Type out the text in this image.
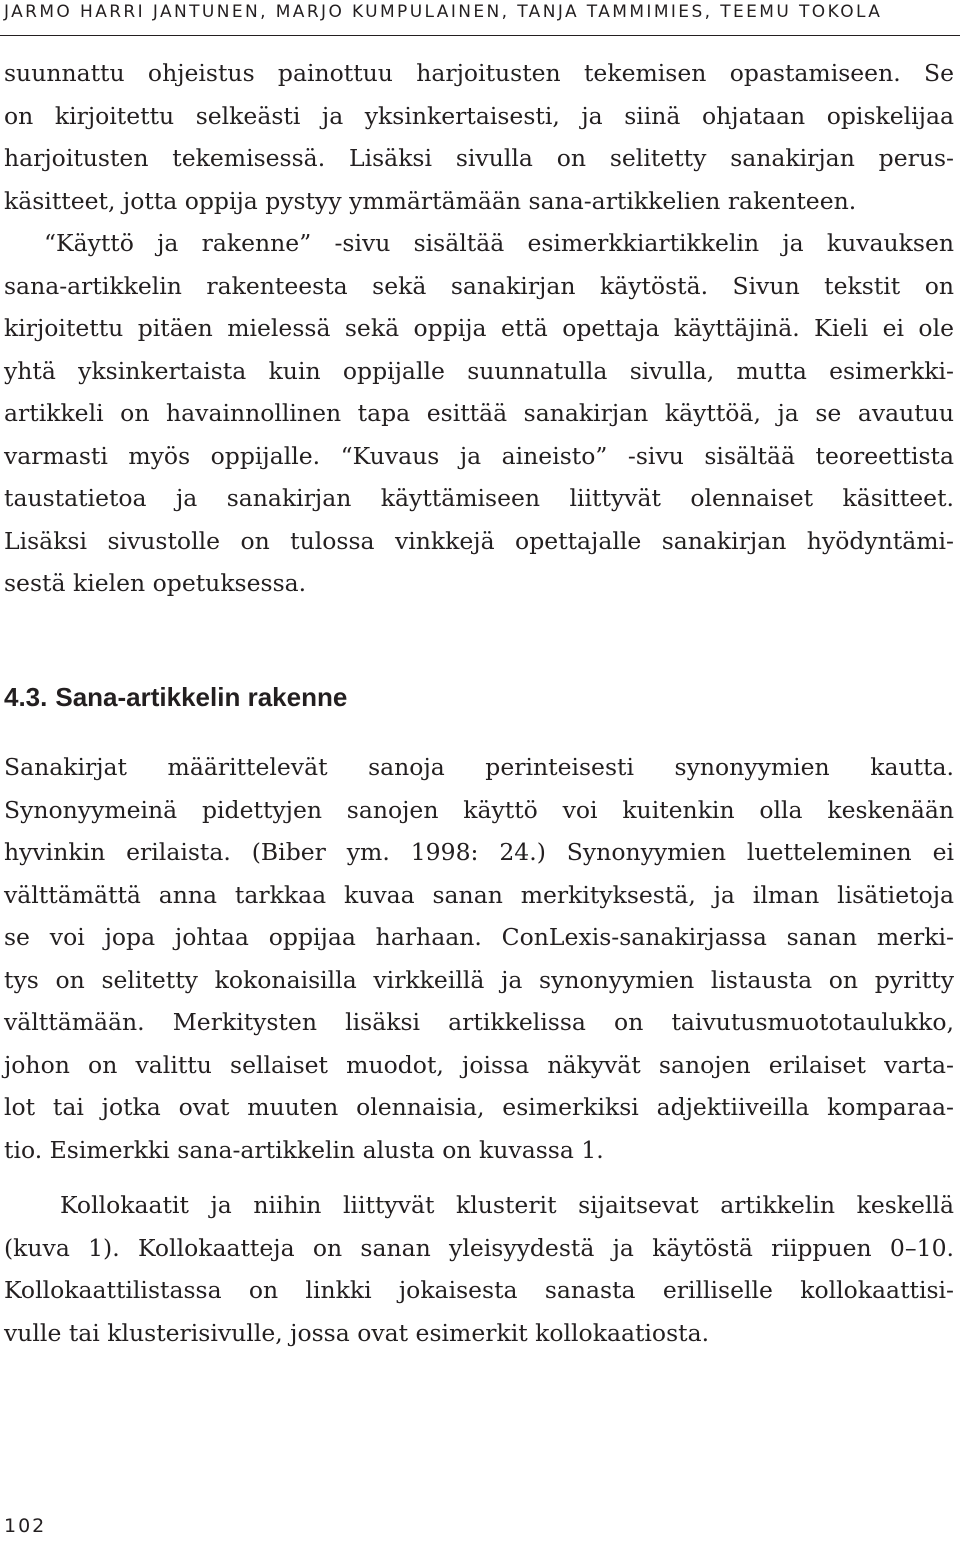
JARMO HARRI JANTUNEN, MARJO KUMPULAINEN, TANJA TAMMIMIES, TEEMU TOKOLA
suunnattu ohjeistus painottuu harjoitusten tekemisen opastamiseen. Se
on kirjoitettu selkeästi ja yksinkertaisesti, ja siinä ohjataan opiskelijaa
harjoitusten tekemisessä. Lisäksi sivulla on selitetty sanakirjan perus-
käsitteet, jotta oppija pystyy ymmärtämään sana-artikkelien rakenteen.
“Käyttö ja rakenne” -sivu sisältää esimerkkiartikkelin ja kuvauksen
sana-artikkelin rakenteesta sekä sanakirjan käytöstä. Sivun tekstit on
kirjoitettu pitäen mielessä sekä oppija että opettaja käyttäjinä. Kieli ei ole
yhtä yksinkertaista kuin oppijalle suunnatulla sivulla, mutta esimerkki-
artikkeli on havainnollinen tapa esittää sanakirjan käyttöä, ja se avautuu
varmasti myös oppijalle. “Kuvaus ja aineisto” -sivu sisältää teoreettista
taustatietoa ja sanakirjan käyttämiseen liittyvät olennaiset käsitteet.
Lisäksi sivustolle on tulossa vinkkejä opettajalle sanakirjan hyödyntämi-
sestä kielen opetuksessa.
4.3. Sana-artikkelin rakenne
Sanakirjat määrittelevät sanoja perinteisesti synonyymien kautta.
Synonyymeinä pidettyjen sanojen käyttö voi kuitenkin olla keskenään
hyvinkin erilaista. (Biber ym. 1998: 24.) Synonyymien luetteleminen ei
välttämättä anna tarkkaa kuvaa sanan merkityksestä, ja ilman lisätietoja
se voi jopa johtaa oppijaa harhaan. ConLexis-sanakirjassa sanan merki-
tys on selitetty kokonaisilla virkkeillä ja synonyymien listausta on pyritty
välttämään. Merkitysten lisäksi artikkelissa on taivutusmuototaulukko,
johon on valittu sellaiset muodot, joissa näkyvät sanojen erilaiset varta-
lot tai jotka ovat muuten olennaisia, esimerkiksi adjektiiveilla komparaa-
tio. Esimerkki sana-artikkelin alusta on kuvassa 1.
Kollokaatit ja niihin liittyvät klusterit sijaitsevat artikkelin keskellä
(kuva 1). Kollokaatteja on sanan yleisyydestä ja käytöstä riippuen 0–10.
Kollokaattilistassa on linkki jokaisesta sanasta erilliselle kollokaattisi-
vulle tai klusterisivulle, jossa ovat esimerkit kollokaatiosta.
102
